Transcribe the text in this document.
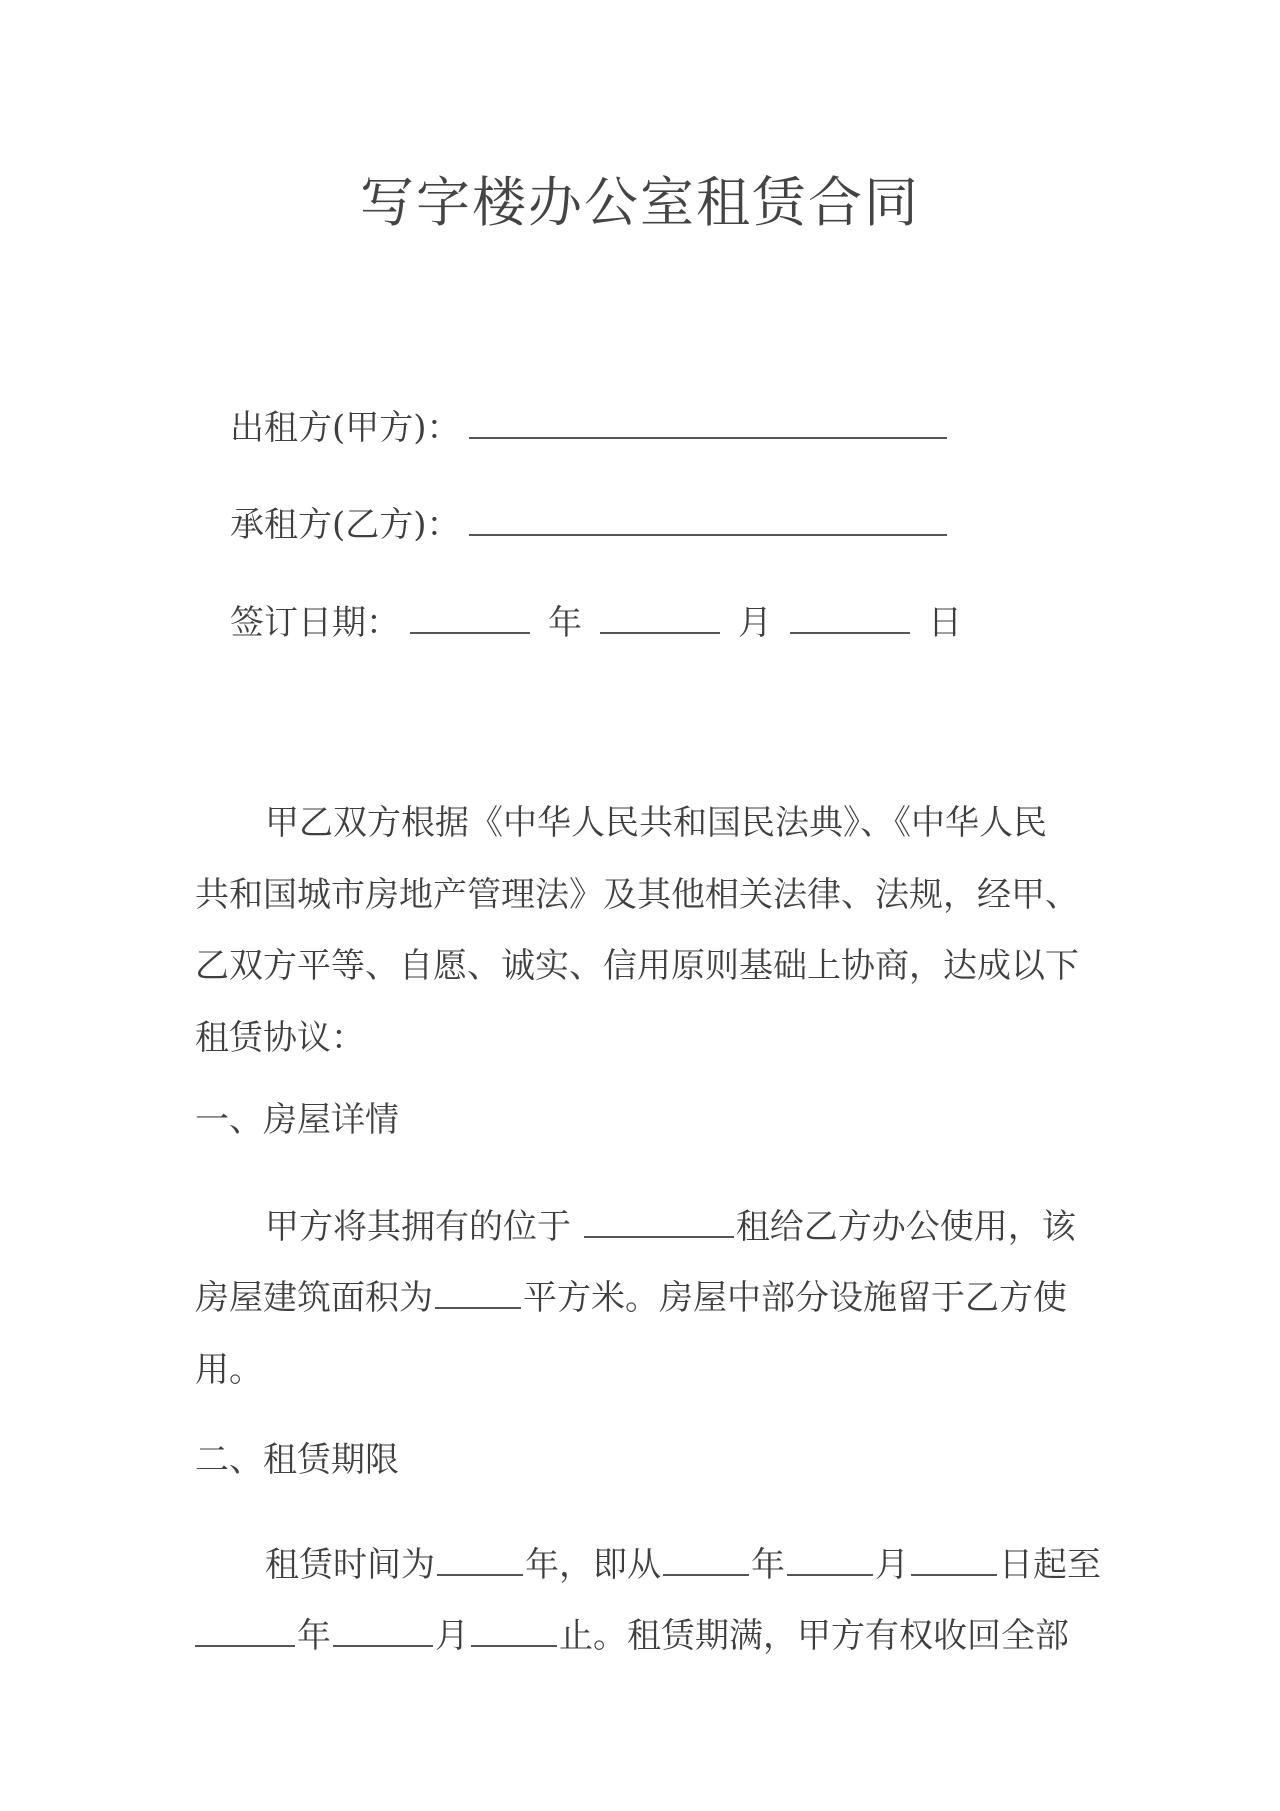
写字楼办公室租赁合同
出租方(甲方)：
承租方(乙方)：
签订日期：	年	月	日
甲乙双方根据《中华人民共和国民法典》、《中华人民
共和国城市房地产管理法》及其他相关法律、法规，经甲、
乙双方平等、自愿、诚实、信用原则基础上协商，达成以下
租赁协议：
一、房屋详情
甲方将其拥有的位于	租给乙方办公使用，该
房屋建筑面积为	平方米。房屋中部分设施留于乙方使
用。
二、租赁期限
租赁时间为	年，即从	年	月	日起至
年	月	止。租赁期满，甲方有权收回全部
